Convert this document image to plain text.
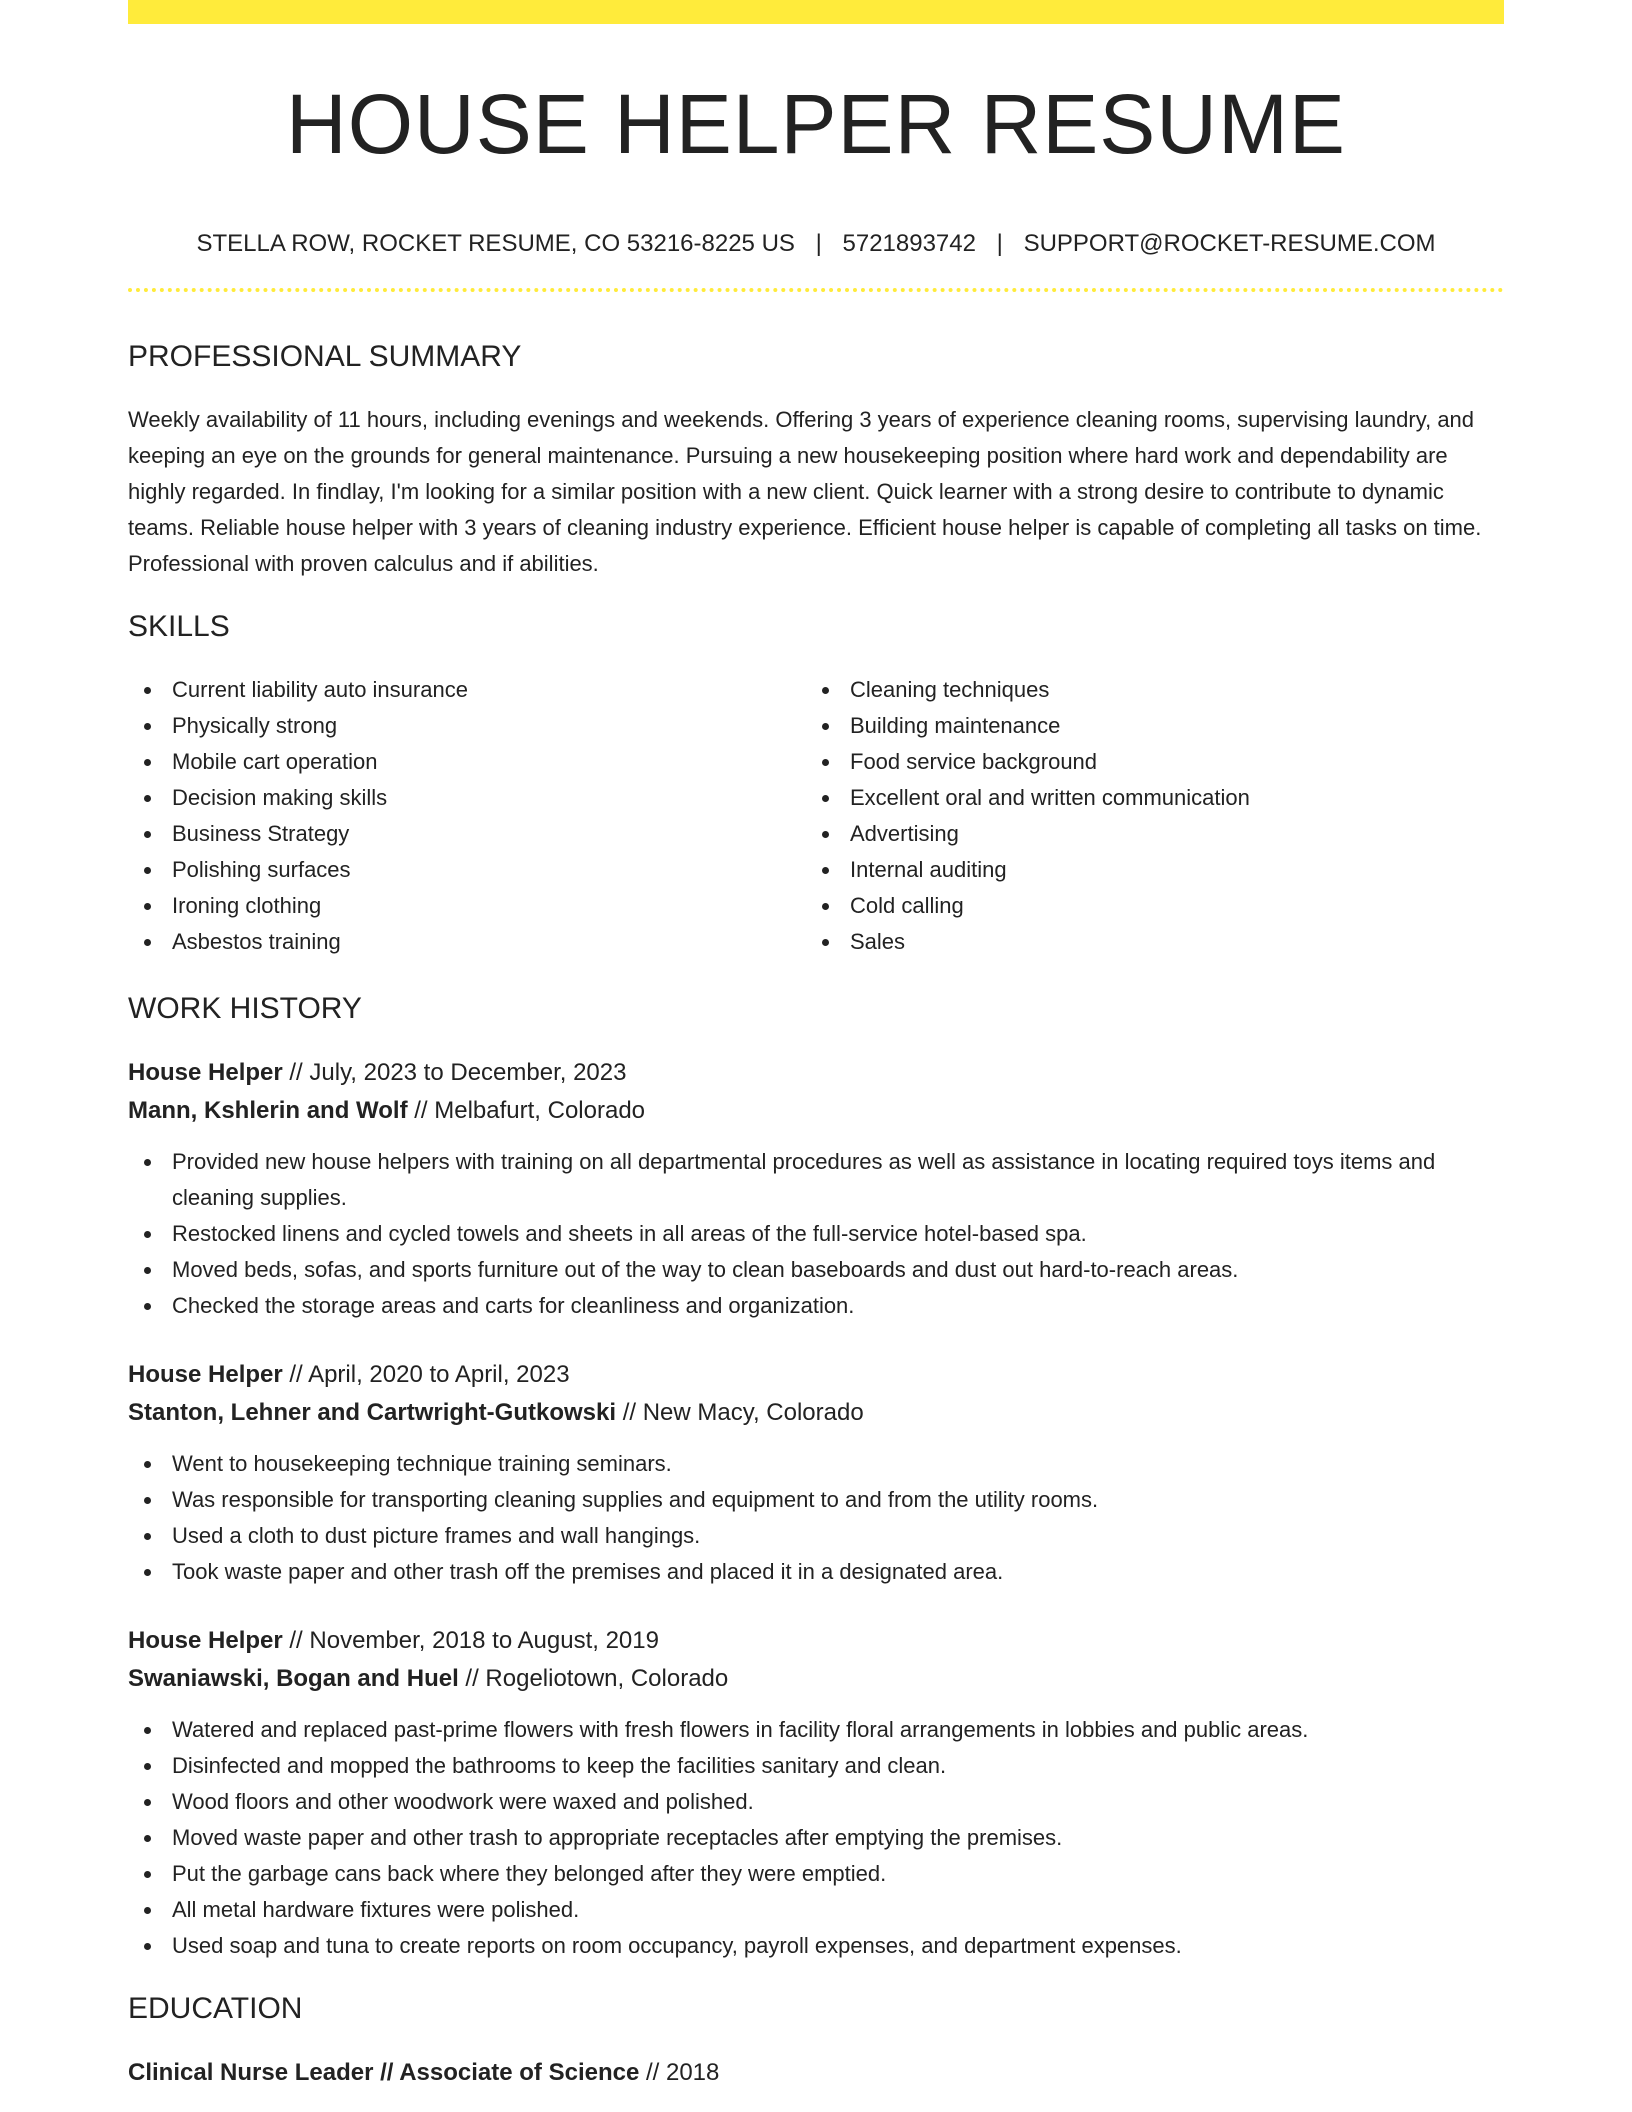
HOUSE HELPER RESUME
STELLA ROW, ROCKET RESUME, CO 53216-8225 US | 5721893742 | SUPPORT@ROCKET-RESUME.COM
PROFESSIONAL SUMMARY

Weekly availability of 11 hours, including evenings and weekends. Offering 3 years of experience cleaning rooms, supervising laundry, and keeping an eye on the grounds for general maintenance. Pursuing a new housekeeping position where hard work and dependability are highly regarded. In findlay, I'm looking for a similar position with a new client. Quick learner with a strong desire to contribute to dynamic teams. Reliable house helper with 3 years of cleaning industry experience. Efficient house helper is capable of completing all tasks on time. Professional with proven calculus and if abilities.

SKILLS
Current liability auto insurance
Physically strong
Mobile cart operation
Decision making skills
Business Strategy
Polishing surfaces
Ironing clothing
Asbestos training
Cleaning techniques
Building maintenance
Food service background
Excellent oral and written communication
Advertising
Internal auditing
Cold calling
Sales
WORK HISTORY
House Helper // July, 2023 to December, 2023
Mann, Kshlerin and Wolf // Melbafurt, Colorado
Provided new house helpers with training on all departmental procedures as well as assistance in locating required toys items and cleaning supplies.
Restocked linens and cycled towels and sheets in all areas of the full-service hotel-based spa.
Moved beds, sofas, and sports furniture out of the way to clean baseboards and dust out hard-to-reach areas.
Checked the storage areas and carts for cleanliness and organization.
House Helper // April, 2020 to April, 2023
Stanton, Lehner and Cartwright-Gutkowski // New Macy, Colorado
Went to housekeeping technique training seminars.
Was responsible for transporting cleaning supplies and equipment to and from the utility rooms.
Used a cloth to dust picture frames and wall hangings.
Took waste paper and other trash off the premises and placed it in a designated area.
House Helper // November, 2018 to August, 2019
Swaniawski, Bogan and Huel // Rogeliotown, Colorado
Watered and replaced past-prime flowers with fresh flowers in facility floral arrangements in lobbies and public areas.
Disinfected and mopped the bathrooms to keep the facilities sanitary and clean.
Wood floors and other woodwork were waxed and polished.
Moved waste paper and other trash to appropriate receptacles after emptying the premises.
Put the garbage cans back where they belonged after they were emptied.
All metal hardware fixtures were polished.
Used soap and tuna to create reports on room occupancy, payroll expenses, and department expenses.
EDUCATION
Clinical Nurse Leader // Associate of Science // 2018
